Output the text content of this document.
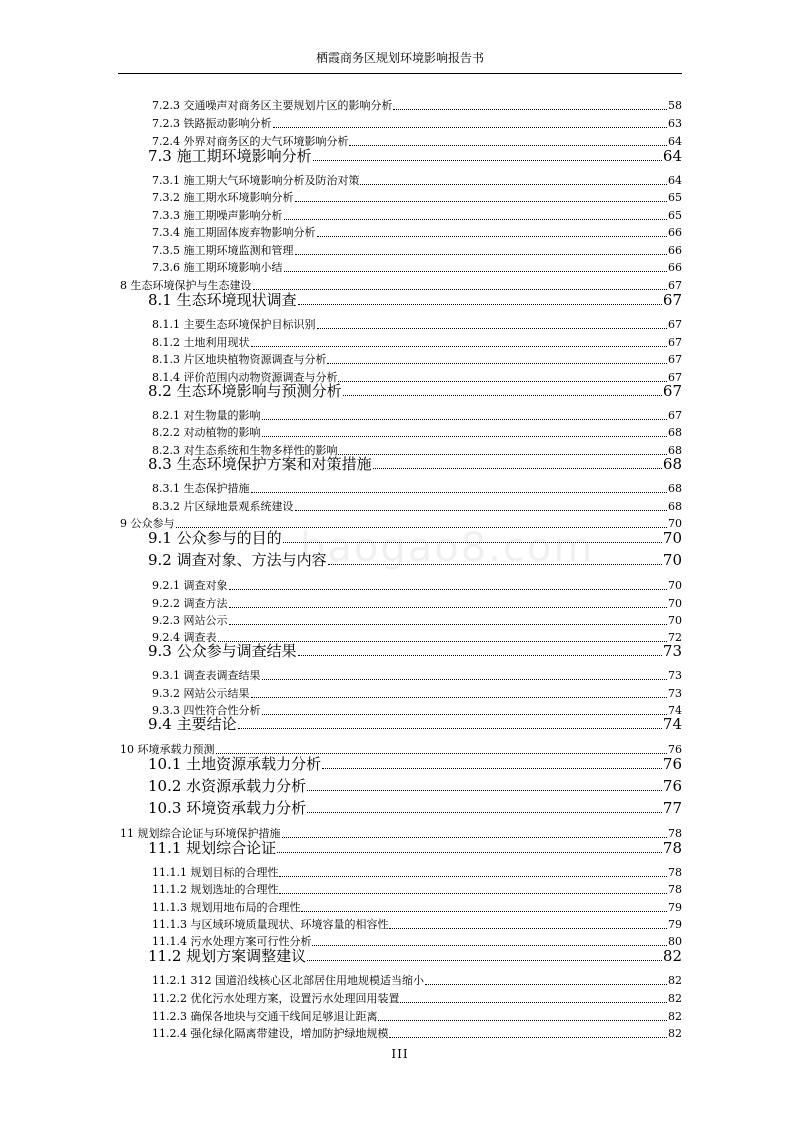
栖霞商务区规划环境影响报告书
baogao8.com
7.2.3 交通噪声对商务区主要规划片区的影响分析	58
7.2.3 铁路振动影响分析	63
7.2.4 外界对商务区的大气环境影响分析	64
7.3 施工期环境影响分析	64
7.3.1 施工期大气环境影响分析及防治对策	64
7.3.2 施工期水环境影响分析	65
7.3.3 施工期噪声影响分析	65
7.3.4 施工期固体废弃物影响分析	66
7.3.5 施工期环境监测和管理	66
7.3.6 施工期环境影响小结	66
8 生态环境保护与生态建设	67
8.1 生态环境现状调查	67
8.1.1 主要生态环境保护目标识别	67
8.1.2 土地利用现状	67
8.1.3 片区地块植物资源调查与分析	67
8.1.4 评价范围内动物资源调查与分析	67
8.2 生态环境影响与预测分析	67
8.2.1 对生物量的影响	67
8.2.2 对动植物的影响	68
8.2.3 对生态系统和生物多样性的影响	68
8.3 生态环境保护方案和对策措施	68
8.3.1 生态保护措施	68
8.3.2 片区绿地景观系统建设	68
9 公众参与	70
9.1 公众参与的目的	70
9.2 调查对象、方法与内容	70
9.2.1 调查对象	70
9.2.2 调查方法	70
9.2.3 网站公示	70
9.2.4 调查表	72
9.3 公众参与调查结果	73
9.3.1 调查表调查结果	73
9.3.2 网站公示结果	73
9.3.3 四性符合性分析	74
9.4 主要结论	74
10 环境承载力预测	76
10.1 土地资源承载力分析	76
10.2 水资源承载力分析	76
10.3 环境资承载力分析	77
11 规划综合论证与环境保护措施	78
11.1 规划综合论证	78
11.1.1 规划目标的合理性	78
11.1.2 规划选址的合理性	78
11.1.3 规划用地布局的合理性	79
11.1.3 与区域环境质量现状、环境容量的相容性	79
11.1.4 污水处理方案可行性分析	80
11.2 规划方案调整建议	82
11.2.1 312 国道沿线核心区北部居住用地规模适当缩小	82
11.2.2 优化污水处理方案，设置污水处理回用装置	82
11.2.3 确保各地块与交通干线间足够退让距离	82
11.2.4 强化绿化隔离带建设，增加防护绿地规模	82
III
